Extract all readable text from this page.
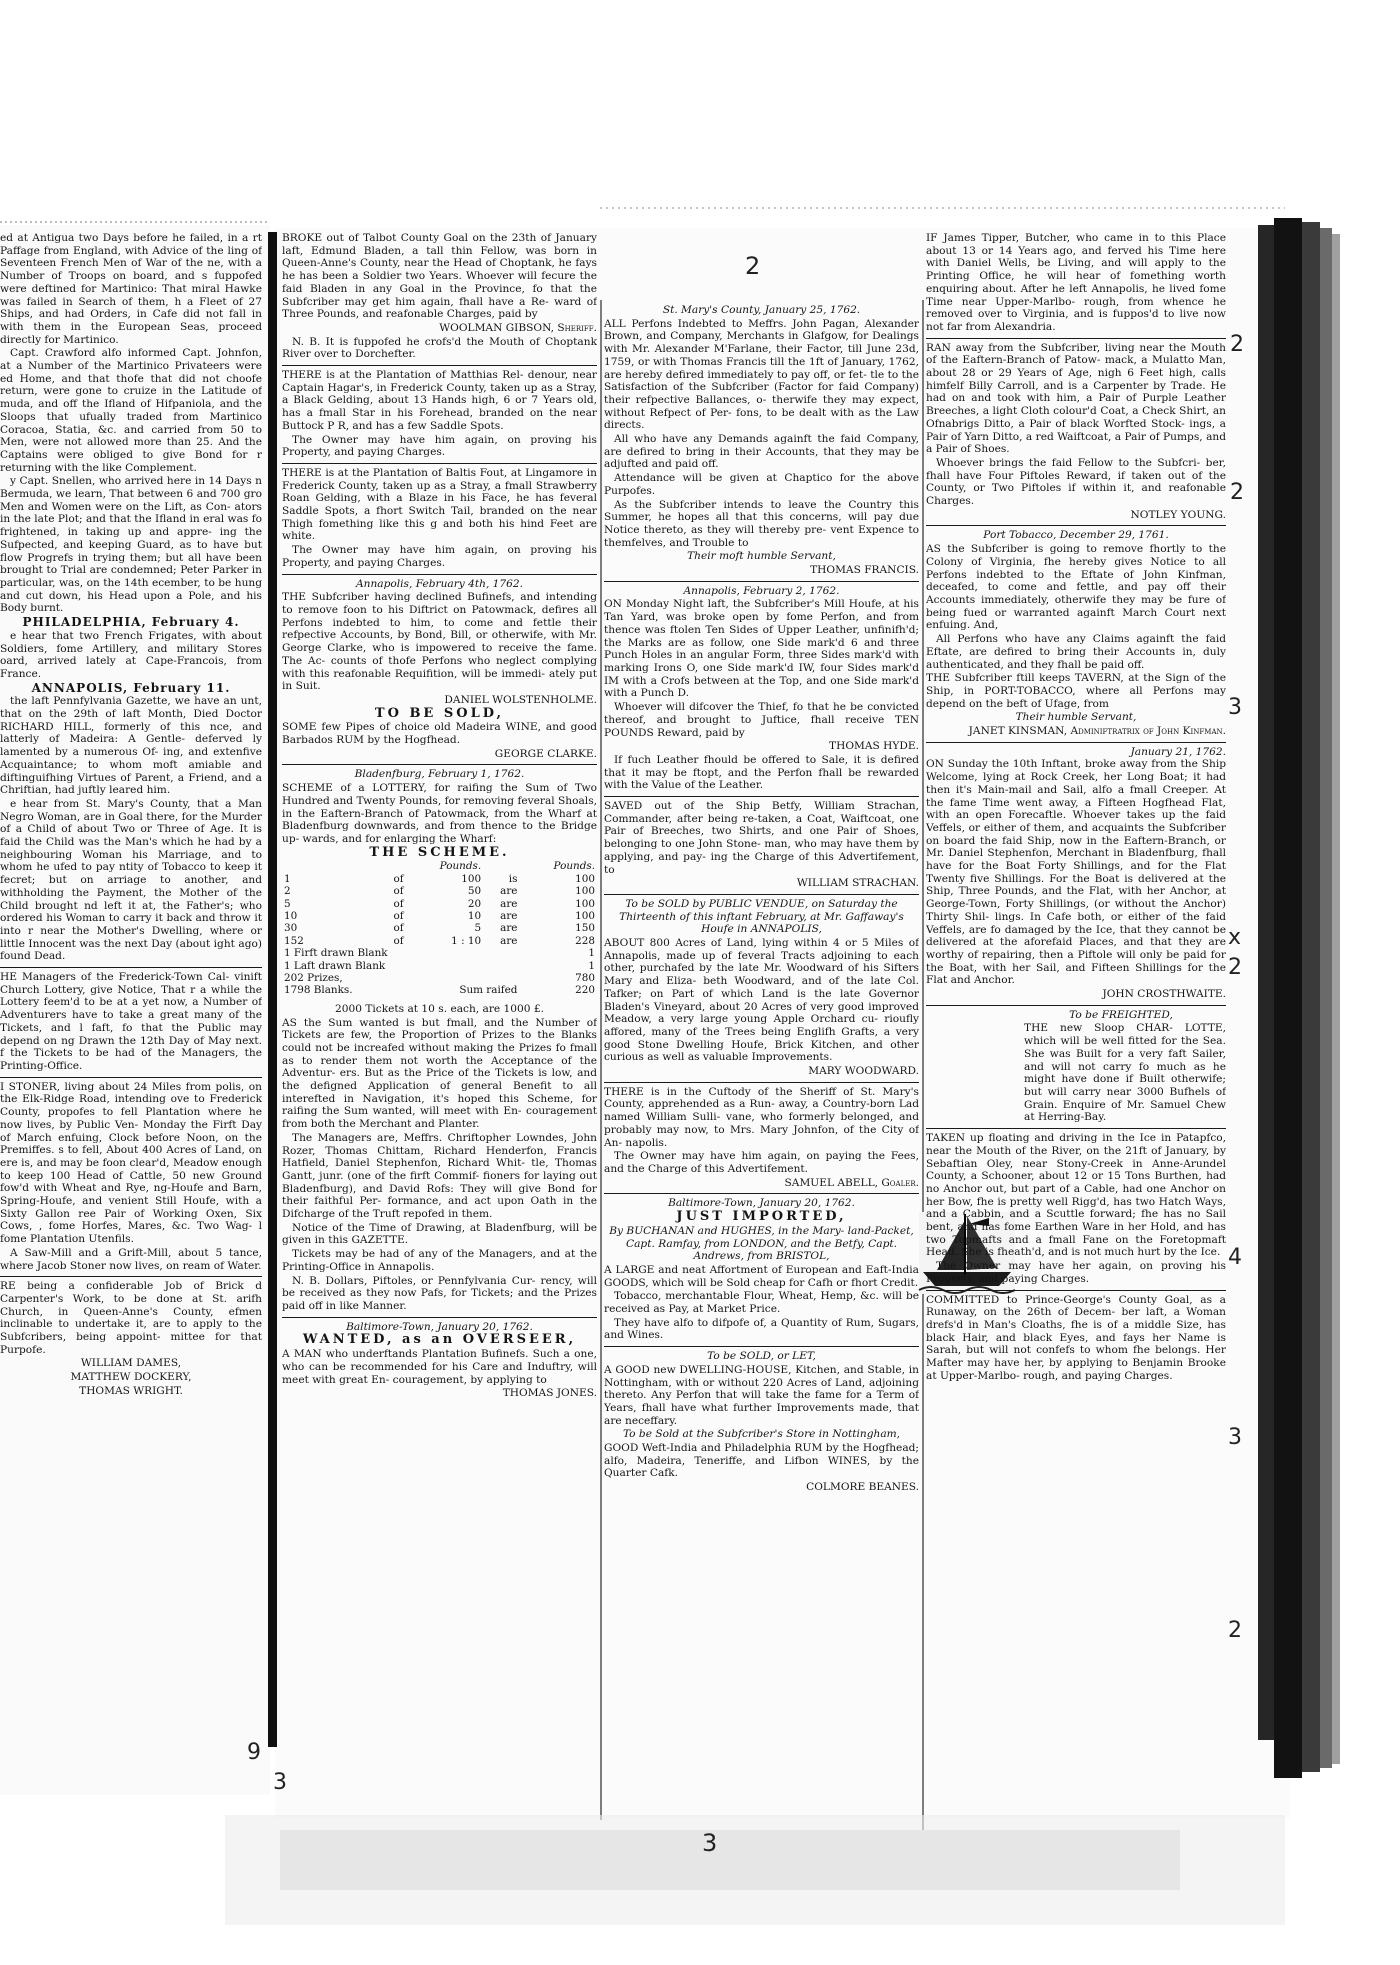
2
3
2
2
3
x
2
4
3
2
3
9

ed at Antigua two Days before he failed, in a rt Paffage from England, with Advice of the ling of Seventeen French Men of War of the ne, with a Number of Troops on board, and s fuppofed were deftined for Martinico: That miral Hawke was failed in Search of them, h a Fleet of 27 Ships, and had Orders, in Cafe did not fall in with them in the European Seas, proceed directly for Martinico.

Capt. Crawford alfo informed Capt. Johnfon, at a Number of the Martinico Privateers were ed Home, and that thofe that did not choofe return, were gone to cruize in the Latitude of muda, and off the Ifland of Hifpaniola, and the Sloops that ufually traded from Martinico Coracoa, Statia, &c. and carried from 50 to Men, were not allowed more than 25. And the Captains were obliged to give Bond for r returning with the like Complement.

y Capt. Snellen, who arrived here in 14 Days n Bermuda, we learn, That between 6 and 700 gro Men and Women were on the Lift, as Con- ators in the late Plot; and that the Ifland in eral was fo frightened, in taking up and appre- ing the Sufpected, and keeping Guard, as to have but flow Progrefs in trying them; but all have been brought to Trial are condemned; Peter Parker in particular, was, on the 14th ecember, to be hung and cut down, his Head upon a Pole, and his Body burnt.

PHILADELPHIA, February 4.

e hear that two French Frigates, with about Soldiers, fome Artillery, and military Stores oard, arrived lately at Cape-Francois, from France.

ANNAPOLIS, February 11.

the laft Pennfylvania Gazette, we have an unt, that on the 29th of laft Month, Died Doctor RICHARD HILL, formerly of this nce, and latterly of Madeira: A Gentle- deferved ly lamented by a numerous Of- ing, and extenfive Acquaintance; to whom moft amiable and diftinguifhing Virtues of Parent, a Friend, and a Chriftian, had juftly leared him.

e hear from St. Mary's County, that a Man Negro Woman, are in Goal there, for the Murder of a Child of about Two or Three of Age. It is faid the Child was the Man's which he had by a neighbouring Woman his Marriage, and to whom he ufed to pay ntity of Tobacco to keep it fecret; but on arriage to another, and withholding the Payment, the Mother of the Child brought nd left it at, the Father's; who ordered his Woman to carry it back and throw it into r near the Mother's Dwelling, where or little Innocent was the next Day (about ight ago) found Dead.

HE Managers of the Frederick-Town Cal- vinift Church Lottery, give Notice, That r a while the Lottery feem'd to be at a yet now, a Number of Adventurers have to take a great many of the Tickets, and l faft, fo that the Public may depend on ng Drawn the 12th Day of May next. f the Tickets to be had of the Managers, the Printing-Office.

I STONER, living about 24 Miles from polis, on the Elk-Ridge Road, intending ove to Frederick County, propofes to fell Plantation where he now lives, by Public Ven- Monday the Firft Day of March enfuing, Clock before Noon, on the Premiffes. s to fell, About 400 Acres of Land, on ere is, and may be foon clear'd, Meadow enough to keep 100 Head of Cattle, 50 new Ground fow'd with Wheat and Rye, ng-Houfe and Barn, Spring-Houfe, and venient Still Houfe, with a Sixty Gallon ree Pair of Working Oxen, Six Cows, , fome Horfes, Mares, &c. Two Wag- l fome Plantation Utenfils.

A Saw-Mill and a Grift-Mill, about 5 tance, where Jacob Stoner now lives, on ream of Water.

RE being a confiderable Job of Brick d Carpenter's Work, to be done at St. arifh Church, in Queen-Anne's County, efmen inclinable to undertake it, are to apply to the Subfcribers, being appoint- mittee for that Purpofe.

WILLIAM DAMES,

MATTHEW DOCKERY,

THOMAS WRIGHT.

BROKE out of Talbot County Goal on the 23th of January laft, Edmund Bladen, a tall thin Fellow, was born in Queen-Anne's County, near the Head of Choptank, he fays he has been a Soldier two Years. Whoever will fecure the faid Bladen in any Goal in the Province, fo that the Subfcriber may get him again, fhall have a Re- ward of Three Pounds, and reafonable Charges, paid by

WOOLMAN GIBSON, Sheriff.

N. B. It is fuppofed he crofs'd the Mouth of Choptank River over to Dorchefter.

THERE is at the Plantation of Matthias Rel- denour, near Captain Hagar's, in Frederick County, taken up as a Stray, a Black Gelding, about 13 Hands high, 6 or 7 Years old, has a fmall Star in his Forehead, branded on the near Buttock P R, and has a few Saddle Spots.

The Owner may have him again, on proving his Property, and paying Charges.

THERE is at the Plantation of Baltis Fout, at Lingamore in Frederick County, taken up as a Stray, a fmall Strawberry Roan Gelding, with a Blaze in his Face, he has feveral Saddle Spots, a fhort Switch Tail, branded on the near Thigh fomething like this g and both his hind Feet are white.

The Owner may have him again, on proving his Property, and paying Charges.

Annapolis, February 4th, 1762.

THE Subfcriber having declined Bufinefs, and intending to remove foon to his Diftrict on Patowmack, defires all Perfons indebted to him, to come and fettle their refpective Accounts, by Bond, Bill, or otherwife, with Mr. George Clarke, who is impowered to receive the fame. The Ac- counts of thofe Perfons who neglect complying with this reafonable Requifition, will be immedi- ately put in Suit.

DANIEL WOLSTENHOLME.

TO BE SOLD,

SOME few Pipes of choice old Madeira WINE, and good Barbados RUM by the Hogfhead.

GEORGE CLARKE.

Bladenfburg, February 1, 1762.

SCHEME of a LOTTERY, for raifing the Sum of Two Hundred and Twenty Pounds, for removing feveral Shoals, in the Eaftern-Branch of Patowmack, from the Wharf at Bladenfburg downwards, and from thence to the Bridge up- wards, and for enlarging the Wharf:

THE SCHEME.

		Pounds.		Pounds.
1	of	100	is	100
2	of	50	are	100
5	of	20	are	100
10	of	10	are	100
30	of	5	are	150
152	of	1 : 10	are	228
1 Firft drawn Blank				1
1 Laft drawn Blank				1
202 Prizes,				780
1798 Blanks.		Sum raifed		220

2000 Tickets at 10 s. each, are 1000 £.

AS the Sum wanted is but fmall, and the Number of Tickets are few, the Proportion of Prizes to the Blanks could not be increafed without making the Prizes fo fmall as to render them not worth the Acceptance of the Adventur- ers. But as the Price of the Tickets is low, and the defigned Application of general Benefit to all interefted in Navigation, it's hoped this Scheme, for raifing the Sum wanted, will meet with En- couragement from both the Merchant and Planter.

The Managers are, Meffrs. Chriftopher Lowndes, John Rozer, Thomas Chittam, Richard Henderfon, Francis Hatfield, Daniel Stephenfon, Richard Whit- tle, Thomas Gantt, junr. (one of the firft Commif- fioners for laying out Bladenfburg), and David Rofs: They will give Bond for their faithful Per- formance, and act upon Oath in the Difcharge of the Truft repofed in them.

Notice of the Time of Drawing, at Bladenfburg, will be given in this GAZETTE.

Tickets may be had of any of the Managers, and at the Printing-Office in Annapolis.

N. B. Dollars, Piftoles, or Pennfylvania Cur- rency, will be received as they now Pafs, for Tickets; and the Prizes paid off in like Manner.

Baltimore-Town, January 20, 1762.

WANTED, as an OVERSEER,

A MAN who underftands Plantation Bufinefs. Such a one, who can be recommended for his Care and Induftry, will meet with great En- couragement, by applying to

THOMAS JONES.

St. Mary's County, January 25, 1762.

ALL Perfons Indebted to Meffrs. John Pagan, Alexander Brown, and Company, Merchants in Glafgow, for Dealings with Mr. Alexander M'Farlane, their Factor, till June 23d, 1759, or with Thomas Francis till the 1ft of January, 1762, are hereby defired immediately to pay off, or fet- tle to the Satisfaction of the Subfcriber (Factor for faid Company) their refpective Ballances, o- therwife they may expect, without Refpect of Per- fons, to be dealt with as the Law directs.

All who have any Demands againft the faid Company, are defired to bring in their Accounts, that they may be adjufted and paid off.

Attendance will be given at Chaptico for the above Purpofes.

As the Subfcriber intends to leave the Country this Summer, he hopes all that this concerns, will pay due Notice thereto, as they will thereby pre- vent Expence to themfelves, and Trouble to

Their moft humble Servant,

THOMAS FRANCIS.

Annapolis, February 2, 1762.

ON Monday Night laft, the Subfcriber's Mill Houfe, at his Tan Yard, was broke open by fome Perfon, and from thence was ftolen Ten Sides of Upper Leather, unfinifh'd; the Marks are as follow, one Side mark'd 6 and three Punch Holes in an angular Form, three Sides mark'd with marking Irons O, one Side mark'd IW, four Sides mark'd IM with a Crofs between at the Top, and one Side mark'd with a Punch D.

Whoever will difcover the Thief, fo that he be convicted thereof, and brought to Juftice, fhall receive TEN POUNDS Reward, paid by

THOMAS HYDE.

If fuch Leather fhould be offered to Sale, it is defired that it may be ftopt, and the Perfon fhall be rewarded with the Value of the Leather.

SAVED out of the Ship Betfy, William Strachan, Commander, after being re-taken, a Coat, Waiftcoat, one Pair of Breeches, two Shirts, and one Pair of Shoes, belonging to one John Stone- man, who may have them by applying, and pay- ing the Charge of this Advertifement, to

WILLIAM STRACHAN.

To be SOLD by PUBLIC VENDUE, on Saturday the Thirteenth of this inftant February, at Mr. Gaffaway's Houfe in ANNAPOLIS,

ABOUT 800 Acres of Land, lying within 4 or 5 Miles of Annapolis, made up of feveral Tracts adjoining to each other, purchafed by the late Mr. Woodward of his Sifters Mary and Eliza- beth Woodward, and of the late Col. Tafker; on Part of which Land is the late Governor Bladen's Vineyard, about 20 Acres of very good improved Meadow, a very large young Apple Orchard cu- rioufly affored, many of the Trees being Englifh Grafts, a very good Stone Dwelling Houfe, Brick Kitchen, and other curious as well as valuable Improvements.

MARY WOODWARD.

THERE is in the Cuftody of the Sheriff of St. Mary's County, apprehended as a Run- away, a Country-born Lad named William Sulli- vane, who formerly belonged, and probably may now, to Mrs. Mary Johnfon, of the City of An- napolis.

The Owner may have him again, on paying the Fees, and the Charge of this Advertifement.

SAMUEL ABELL, Goaler.

Baltimore-Town, January 20, 1762.

JUST IMPORTED,

By BUCHANAN and HUGHES, in the Mary- land-Packet, Capt. Ramfay, from LONDON, and the Betfy, Capt. Andrews, from BRISTOL,

A LARGE and neat Affortment of European and Eaft-India GOODS, which will be Sold cheap for Cafh or fhort Credit.

Tobacco, merchantable Flour, Wheat, Hemp, &c. will be received as Pay, at Market Price.

They have alfo to difpofe of, a Quantity of Rum, Sugars, and Wines.

To be SOLD, or LET,

A GOOD new DWELLING-HOUSE, Kitchen, and Stable, in Nottingham, with or without 220 Acres of Land, adjoining thereto. Any Perfon that will take the fame for a Term of Years, fhall have what further Improvements made, that are neceffary.

To be Sold at the Subfcriber's Store in Nottingham,

GOOD Weft-India and Philadelphia RUM by the Hogfhead; alfo, Madeira, Teneriffe, and Lifbon WINES, by the Quarter Cafk.

COLMORE BEANES.

IF James Tipper, Butcher, who came in to this Place about 13 or 14 Years ago, and ferved his Time here with Daniel Wells, be Living, and will apply to the Printing Office, he will hear of fomething worth enquiring about. After he left Annapolis, he lived fome Time near Upper-Marlbo- rough, from whence he removed over to Virginia, and is fuppos'd to live now not far from Alexandria.

RAN away from the Subfcriber, living near the Mouth of the Eaftern-Branch of Patow- mack, a Mulatto Man, about 28 or 29 Years of Age, nigh 6 Feet high, calls himfelf Billy Carroll, and is a Carpenter by Trade. He had on and took with him, a Pair of Purple Leather Breeches, a light Cloth colour'd Coat, a Check Shirt, an Ofnabrigs Ditto, a Pair of black Worfted Stock- ings, a Pair of Yarn Ditto, a red Waiftcoat, a Pair of Pumps, and a Pair of Shoes.

Whoever brings the faid Fellow to the Subfcri- ber, fhall have Four Piftoles Reward, if taken out of the County, or Two Piftoles if within it, and reafonable Charges.

NOTLEY YOUNG.

Port Tobacco, December 29, 1761.

AS the Subfcriber is going to remove fhortly to the Colony of Virginia, fhe hereby gives Notice to all Perfons indebted to the Eftate of John Kinfman, deceafed, to come and fettle, and pay off their Accounts immediately, otherwife they may be fure of being fued or warranted againft March Court next enfuing. And,

All Perfons who have any Claims againft the faid Eftate, are defired to bring their Accounts in, duly authenticated, and they fhall be paid off.

THE Subfcriber ftill keeps TAVERN, at the Sign of the Ship, in PORT-TOBACCO, where all Perfons may depend on the beft of Ufage, from

Their humble Servant,

JANET KINSMAN, Adminiftratrix of John Kinfman.

January 21, 1762.

ON Sunday the 10th Inftant, broke away from the Ship Welcome, lying at Rock Creek, her Long Boat; it had then it's Main-mail and Sail, alfo a fmall Creeper. At the fame Time went away, a Fifteen Hogfhead Flat, with an open Forecaftle. Whoever takes up the faid Veffels, or either of them, and acquaints the Subfcriber on board the faid Ship, now in the Eaftern-Branch, or Mr. Daniel Stephenfon, Merchant in Bladenfburg, fhall have for the Boat Forty Shillings, and for the Flat Twenty five Shillings. For the Boat is delivered at the Ship, Three Pounds, and the Flat, with her Anchor, at George-Town, Forty Shillings, (or without the Anchor) Thirty Shil- lings. In Cafe both, or either of the faid Veffels, are fo damaged by the Ice, that they cannot be delivered at the aforefaid Places, and that they are worthy of repairing, then a Piftole will only be paid for the Boat, with her Sail, and Fifteen Shillings for the Flat and Anchor.

JOHN CROSTHWAITE.

To be FREIGHTED,

THE new Sloop CHAR- LOTTE, which will be well fitted for the Sea. She was Built for a very faft Sailer, and will not carry fo much as he might have done if Built otherwife; but will carry near 3000 Bufhels of Grain. Enquire of Mr. Samuel Chew at Herring-Bay.

TAKEN up floating and driving in the Ice in Patapfco, near the Mouth of the River, on the 21ft of January, by Sebaftian Oley, near Stony-Creek in Anne-Arundel County, a Schooner, about 12 or 15 Tons Burthen, had no Anchor out, but part of a Cable, had one Anchor on her Bow, fhe is pretty well Rigg'd, has two Hatch Ways, and a Cabbin, and a Scuttle forward; fhe has no Sail bent, and has fome Earthen Ware in her Hold, and has two Topmafts and a fmall Fane on the Foretopmaft Head. She is fheath'd, and is not much hurt by the Ice.

The Owner may have her again, on proving his Property, and paying Charges.

COMMITTED to Prince-George's County Goal, as a Runaway, on the 26th of Decem- ber laft, a Woman drefs'd in Man's Cloaths, fhe is of a middle Size, has black Hair, and black Eyes, and fays her Name is Sarah, but will not confefs to whom fhe belongs. Her Mafter may have her, by applying to Benjamin Brooke at Upper-Marlbo- rough, and paying Charges.
